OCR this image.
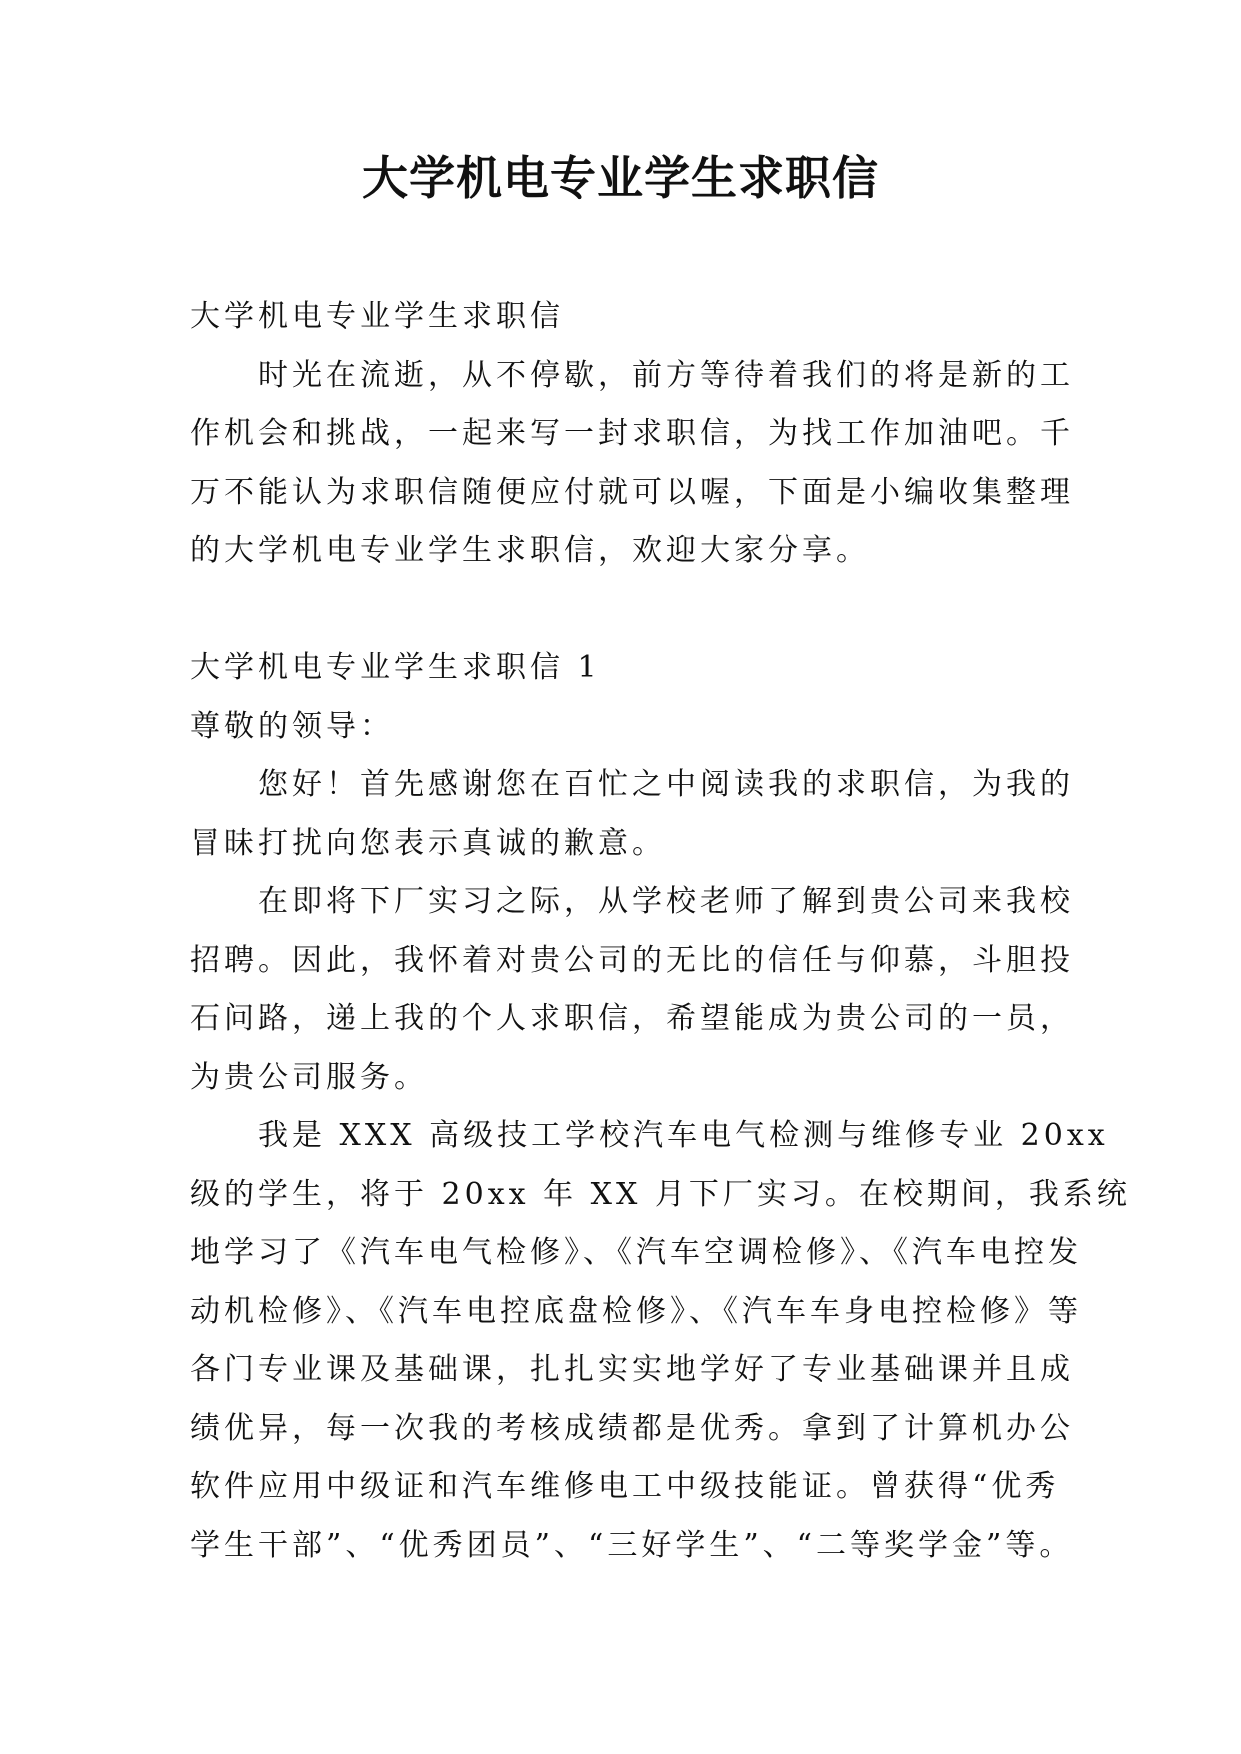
大学机电专业学生求职信

大学机电专业学生求职信

时光在流逝，从不停歇，前方等待着我们的将是新的工

作机会和挑战，一起来写一封求职信，为找工作加油吧。千

万不能认为求职信随便应付就可以喔，下面是小编收集整理

的大学机电专业学生求职信，欢迎大家分享。

大学机电专业学生求职信 1

尊敬的领导：

您好！首先感谢您在百忙之中阅读我的求职信，为我的

冒昧打扰向您表示真诚的歉意。

在即将下厂实习之际，从学校老师了解到贵公司来我校

招聘。因此，我怀着对贵公司的无比的信任与仰慕，斗胆投

石问路，递上我的个人求职信，希望能成为贵公司的一员，

为贵公司服务。

我是 XXX 高级技工学校汽车电气检测与维修专业 20xx

级的学生，将于 20xx 年 XX 月下厂实习。在校期间，我系统

地学习了《汽车电气检修》、《汽车空调检修》、《汽车电控发

动机检修》、《汽车电控底盘检修》、《汽车车身电控检修》等

各门专业课及基础课，扎扎实实地学好了专业基础课并且成

绩优异，每一次我的考核成绩都是优秀。拿到了计算机办公

软件应用中级证和汽车维修电工中级技能证。曾获得“优秀

学生干部”、“优秀团员”、“三好学生”、“二等奖学金”等。
